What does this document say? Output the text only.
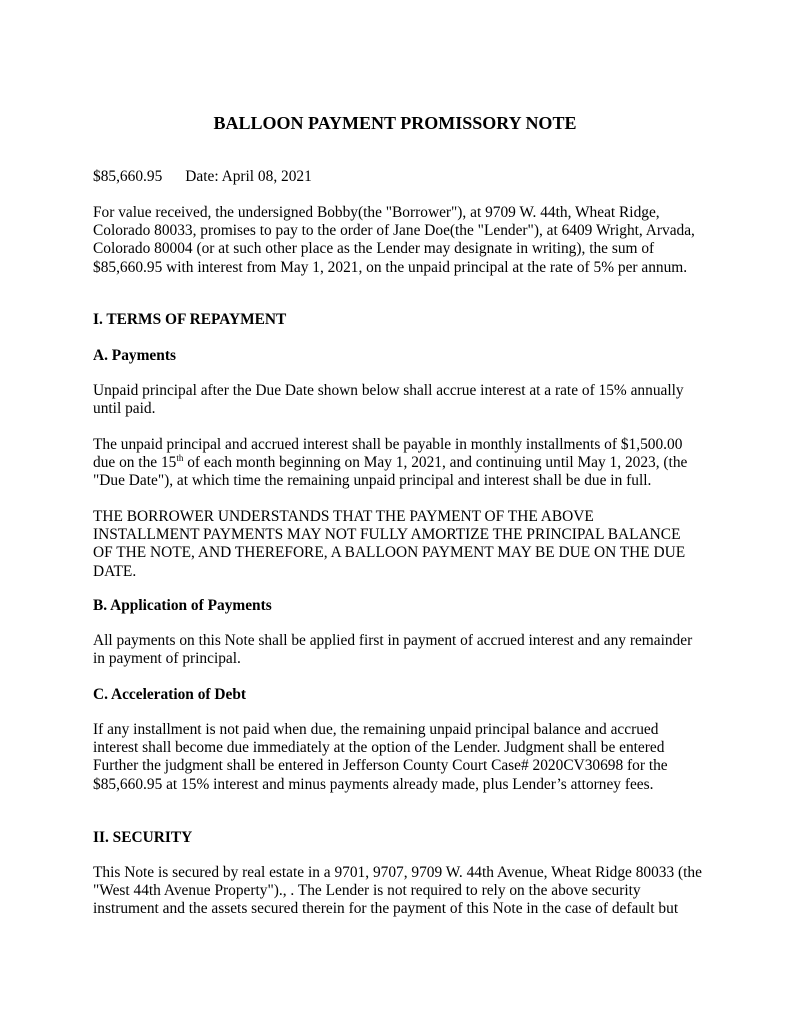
BALLOON PAYMENT PROMISSORY NOTE

$85,660.95 Date: April 08, 2021

For value received, the undersigned Bobby(the "Borrower"), at 9709 W. 44th, Wheat Ridge, Colorado 80033, promises to pay to the order of Jane Doe(the "Lender"), at 6409 Wright, Arvada, Colorado 80004 (or at such other place as the Lender may designate in writing), the sum of $85,660.95 with interest from May 1, 2021, on the unpaid principal at the rate of 5% per annum.

I. TERMS OF REPAYMENT

A. Payments

Unpaid principal after the Due Date shown below shall accrue interest at a rate of 15% annually until paid.

The unpaid principal and accrued interest shall be payable in monthly installments of $1,500.00 due on the 15th of each month beginning on May 1, 2021, and continuing until May 1, 2023, (the "Due Date"), at which time the remaining unpaid principal and interest shall be due in full.

THE BORROWER UNDERSTANDS THAT THE PAYMENT OF THE ABOVE INSTALLMENT PAYMENTS MAY NOT FULLY AMORTIZE THE PRINCIPAL BALANCE OF THE NOTE, AND THEREFORE, A BALLOON PAYMENT MAY BE DUE ON THE DUE DATE.

B. Application of Payments

All payments on this Note shall be applied first in payment of accrued interest and any remainder in payment of principal.

C. Acceleration of Debt

If any installment is not paid when due, the remaining unpaid principal balance and accrued interest shall become due immediately at the option of the Lender. Judgment shall be entered Further the judgment shall be entered in Jefferson County Court Case# 2020CV30698 for the $85,660.95 at 15% interest and minus payments already made, plus Lender’s attorney fees.

II. SECURITY

This Note is secured by real estate in a 9701, 9707, 9709 W. 44th Avenue, Wheat Ridge 80033 (the "West 44th Avenue Property")., . The Lender is not required to rely on the above security instrument and the assets secured therein for the payment of this Note in the case of default but
